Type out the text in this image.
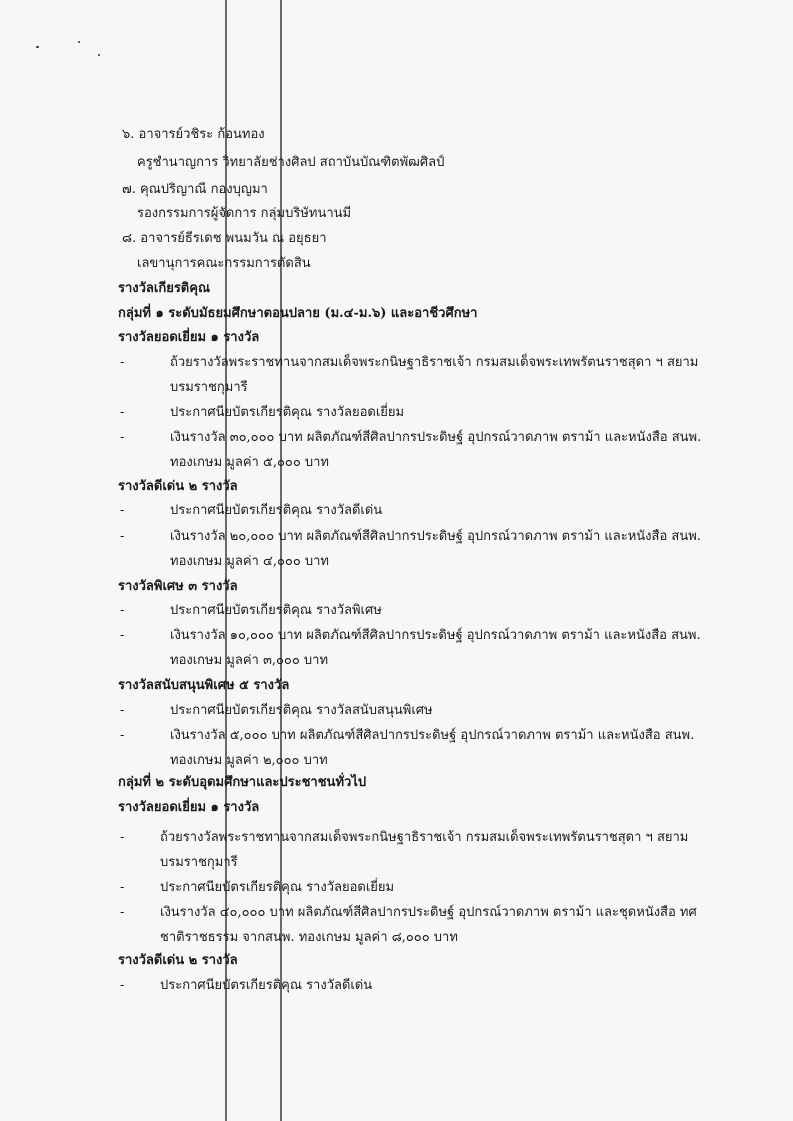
๖. อาจารย์วชิระ ก้อนทอง
ครูชำนาญการ วิทยาลัยช่างศิลป สถาบันบัณฑิตพัฒศิลป์
๗. คุณปริญาณี กองบุญมา
รองกรรมการผู้จัดการ กลุ่มบริษัทนานมี
๘. อาจารย์ธีรเดช พนมวัน ณ อยุธยา
เลขานุการคณะกรรมการตัดสิน
รางวัลเกียรติคุณ
กลุ่มที่ ๑ ระดับมัธยมศึกษาตอนปลาย (ม.๔-ม.๖) และอาชีวศึกษา
รางวัลยอดเยี่ยม ๑ รางวัล
-	ถ้วยรางวัลพระราชทานจากสมเด็จพระกนิษฐาธิราชเจ้า กรมสมเด็จพระเทพรัตนราชสุดา ฯ สยาม
บรมราชกุมารี
-	ประกาศนียบัตรเกียรติคุณ รางวัลยอดเยี่ยม
-	เงินรางวัล ๓๐,๐๐๐ บาท ผลิตภัณฑ์สีศิลปากรประดิษฐ์ อุปกรณ์วาดภาพ ตราม้า และหนังสือ สนพ.
ทองเกษม มูลค่า ๕,๐๐๐ บาท
รางวัลดีเด่น ๒ รางวัล
-	ประกาศนียบัตรเกียรติคุณ รางวัลดีเด่น
-	เงินรางวัล ๒๐,๐๐๐ บาท ผลิตภัณฑ์สีศิลปากรประดิษฐ์ อุปกรณ์วาดภาพ ตราม้า และหนังสือ สนพ.
ทองเกษม มูลค่า ๔,๐๐๐ บาท
รางวัลพิเศษ ๓ รางวัล
-	ประกาศนียบัตรเกียรติคุณ รางวัลพิเศษ
-	เงินรางวัล ๑๐,๐๐๐ บาท ผลิตภัณฑ์สีศิลปากรประดิษฐ์ อุปกรณ์วาดภาพ ตราม้า และหนังสือ สนพ.
ทองเกษม มูลค่า ๓,๐๐๐ บาท
รางวัลสนับสนุนพิเศษ ๕ รางวัล
-	ประกาศนียบัตรเกียรติคุณ รางวัลสนับสนุนพิเศษ
-	เงินรางวัล ๕,๐๐๐ บาท ผลิตภัณฑ์สีศิลปากรประดิษฐ์ อุปกรณ์วาดภาพ ตราม้า และหนังสือ สนพ.
ทองเกษม มูลค่า ๒,๐๐๐ บาท
กลุ่มที่ ๒ ระดับอุดมศึกษาและประชาชนทั่วไป
รางวัลยอดเยี่ยม ๑ รางวัล
-	ถ้วยรางวัลพระราชทานจากสมเด็จพระกนิษฐาธิราชเจ้า กรมสมเด็จพระเทพรัตนราชสุดา ฯ สยาม
บรมราชกุมารี
-	ประกาศนียบัตรเกียรติคุณ รางวัลยอดเยี่ยม
-	เงินรางวัล ๔๐,๐๐๐ บาท ผลิตภัณฑ์สีศิลปากรประดิษฐ์ อุปกรณ์วาดภาพ ตราม้า และชุดหนังสือ ทศ
ชาติราชธรรม จากสนพ. ทองเกษม มูลค่า ๘,๐๐๐ บาท
รางวัลดีเด่น ๒ รางวัล
-	ประกาศนียบัตรเกียรติคุณ รางวัลดีเด่น
